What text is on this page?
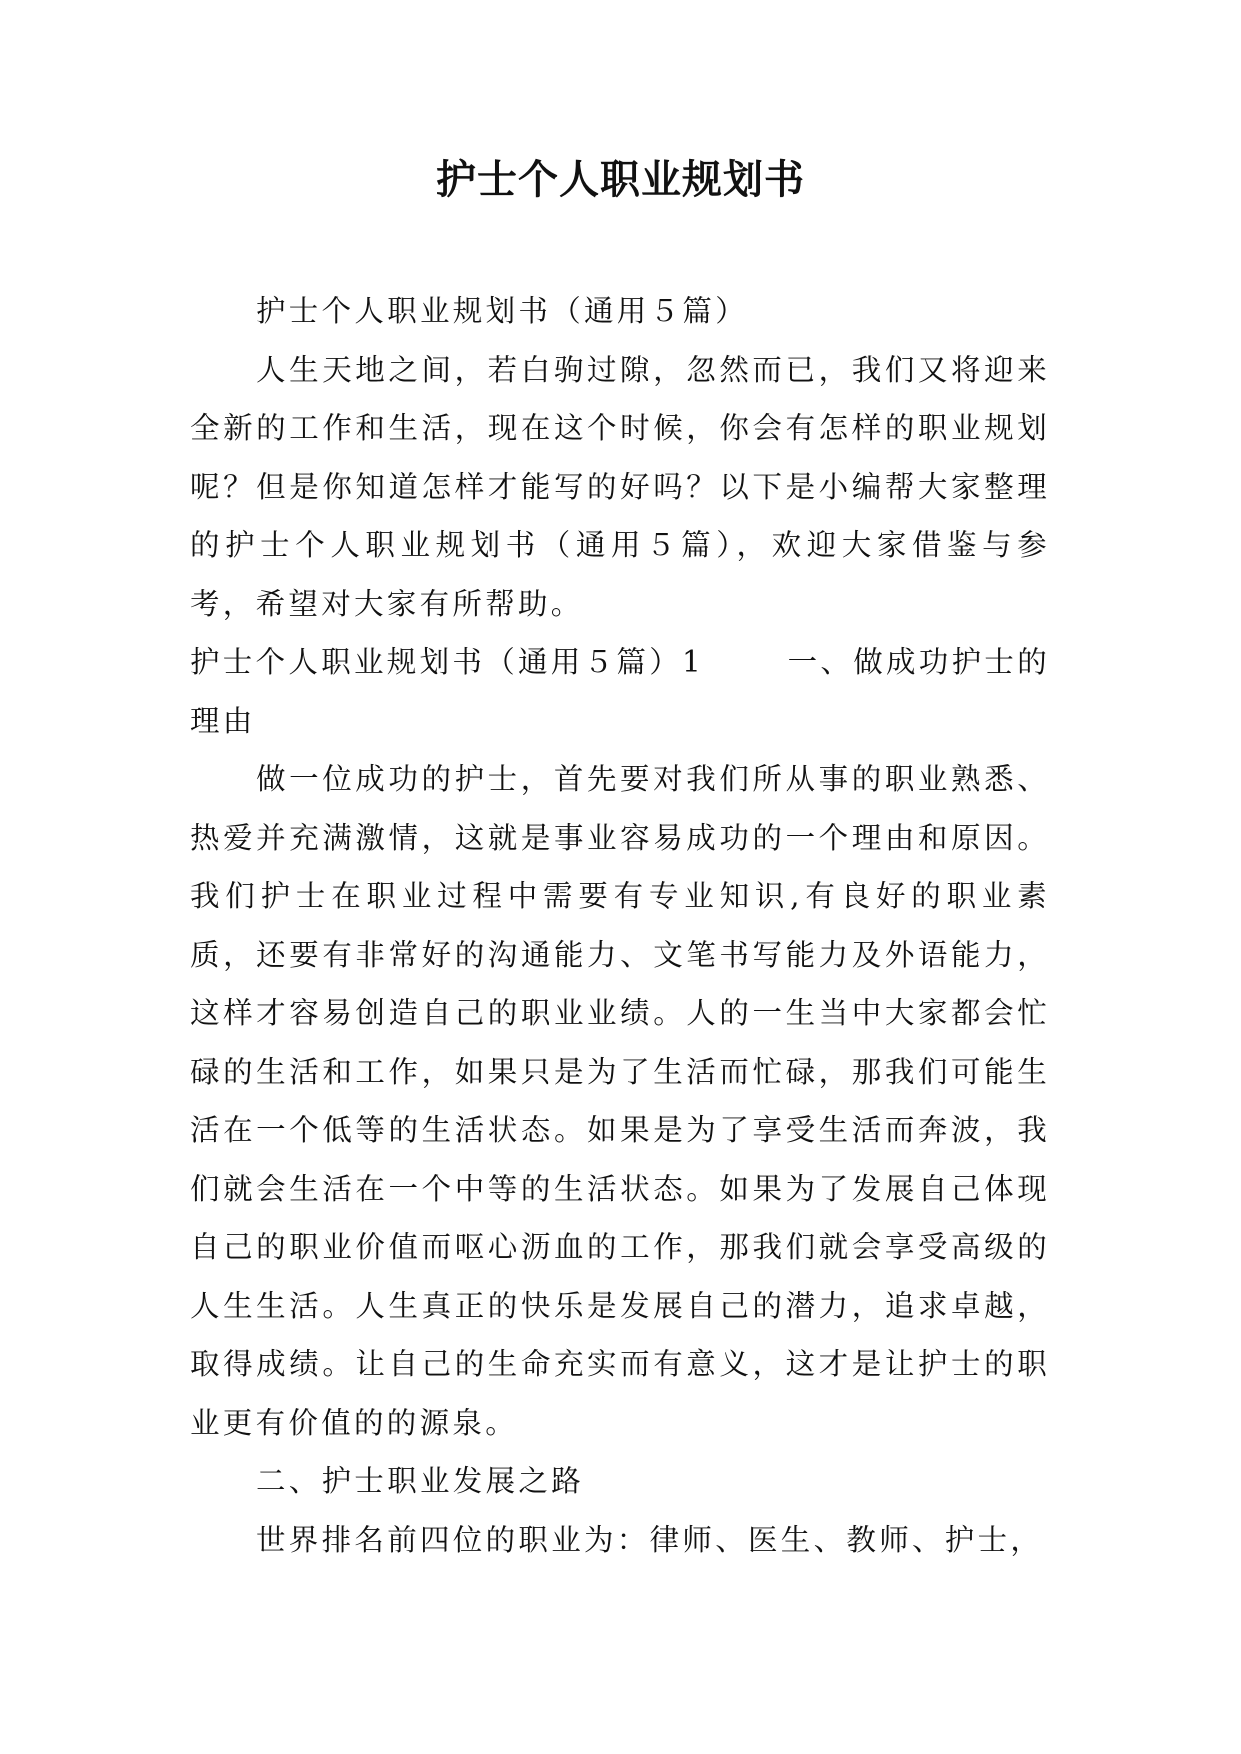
护士个人职业规划书

护士个人职业规划书（通用５篇）

人生天地之间，若白驹过隙，忽然而已，我们又将迎来全新的工作和生活，现在这个时候，你会有怎样的职业规划呢？但是你知道怎样才能写的好吗？以下是小编帮大家整理的护士个人职业规划书（通用５篇），欢迎大家借鉴与参考，希望对大家有所帮助。

护士个人职业规划书（通用５篇）1	一、做成功护士的

理由

做一位成功的护士，首先要对我们所从事的职业熟悉、热爱并充满激情，这就是事业容易成功的一个理由和原因。我们护士在职业过程中需要有专业知识,有良好的职业素质，还要有非常好的沟通能力、文笔书写能力及外语能力，这样才容易创造自己的职业业绩。人的一生当中大家都会忙碌的生活和工作，如果只是为了生活而忙碌，那我们可能生活在一个低等的生活状态。如果是为了享受生活而奔波，我们就会生活在一个中等的生活状态。如果为了发展自己体现自己的职业价值而呕心沥血的工作，那我们就会享受高级的人生生活。人生真正的快乐是发展自己的潜力，追求卓越，取得成绩。让自己的生命充实而有意义，这才是让护士的职业更有价值的的源泉。

二、护士职业发展之路

世界排名前四位的职业为：律师、医生、教师、护士，
